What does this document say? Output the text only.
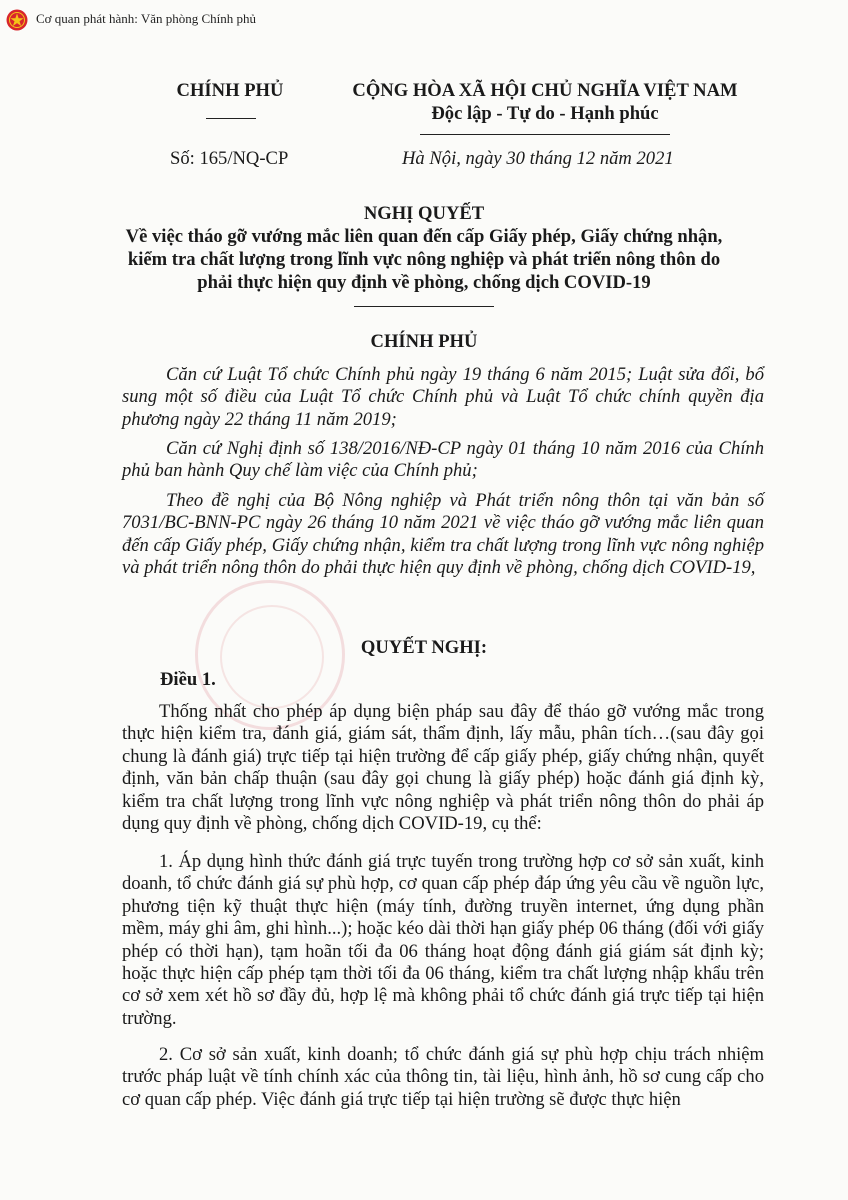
Cơ quan phát hành: Văn phòng Chính phủ
CHÍNH PHỦ	CỘNG HÒA XÃ HỘI CHỦ NGHĨA VIỆT NAM
Độc lập - Tự do - Hạnh phúc
Số: 165/NQ-CP	Hà Nội, ngày 30 tháng 12 năm 2021
NGHỊ QUYẾT
Về việc tháo gỡ vướng mắc liên quan đến cấp Giấy phép, Giấy chứng nhận,
kiểm tra chất lượng trong lĩnh vực nông nghiệp và phát triển nông thôn do
phải thực hiện quy định về phòng, chống dịch COVID-19
CHÍNH PHỦ

Căn cứ Luật Tổ chức Chính phủ ngày 19 tháng 6 năm 2015; Luật sửa đổi, bổ sung một số điều của Luật Tổ chức Chính phủ và Luật Tổ chức chính quyền địa phương ngày 22 tháng 11 năm 2019;

Căn cứ Nghị định số 138/2016/NĐ-CP ngày 01 tháng 10 năm 2016 của Chính phủ ban hành Quy chế làm việc của Chính phủ;

Theo đề nghị của Bộ Nông nghiệp và Phát triển nông thôn tại văn bản số 7031/BC-BNN-PC ngày 26 tháng 10 năm 2021 về việc tháo gỡ vướng mắc liên quan đến cấp Giấy phép, Giấy chứng nhận, kiểm tra chất lượng trong lĩnh vực nông nghiệp và phát triển nông thôn do phải thực hiện quy định về phòng, chống dịch COVID-19,

QUYẾT NGHỊ:
Điều 1.

Thống nhất cho phép áp dụng biện pháp sau đây để tháo gỡ vướng mắc trong thực hiện kiểm tra, đánh giá, giám sát, thẩm định, lấy mẫu, phân tích…(sau đây gọi chung là đánh giá) trực tiếp tại hiện trường để cấp giấy phép, giấy chứng nhận, quyết định, văn bản chấp thuận (sau đây gọi chung là giấy phép) hoặc đánh giá định kỳ, kiểm tra chất lượng trong lĩnh vực nông nghiệp và phát triển nông thôn do phải áp dụng quy định về phòng, chống dịch COVID-19, cụ thể:

1. Áp dụng hình thức đánh giá trực tuyến trong trường hợp cơ sở sản xuất, kinh doanh, tổ chức đánh giá sự phù hợp, cơ quan cấp phép đáp ứng yêu cầu về nguồn lực, phương tiện kỹ thuật thực hiện (máy tính, đường truyền internet, ứng dụng phần mềm, máy ghi âm, ghi hình...); hoặc kéo dài thời hạn giấy phép 06 tháng (đối với giấy phép có thời hạn), tạm hoãn tối đa 06 tháng hoạt động đánh giá giám sát định kỳ; hoặc thực hiện cấp phép tạm thời tối đa 06 tháng, kiểm tra chất lượng nhập khẩu trên cơ sở xem xét hồ sơ đầy đủ, hợp lệ mà không phải tổ chức đánh giá trực tiếp tại hiện trường.

2. Cơ sở sản xuất, kinh doanh; tổ chức đánh giá sự phù hợp chịu trách nhiệm trước pháp luật về tính chính xác của thông tin, tài liệu, hình ảnh, hồ sơ cung cấp cho cơ quan cấp phép. Việc đánh giá trực tiếp tại hiện trường sẽ được thực hiện
